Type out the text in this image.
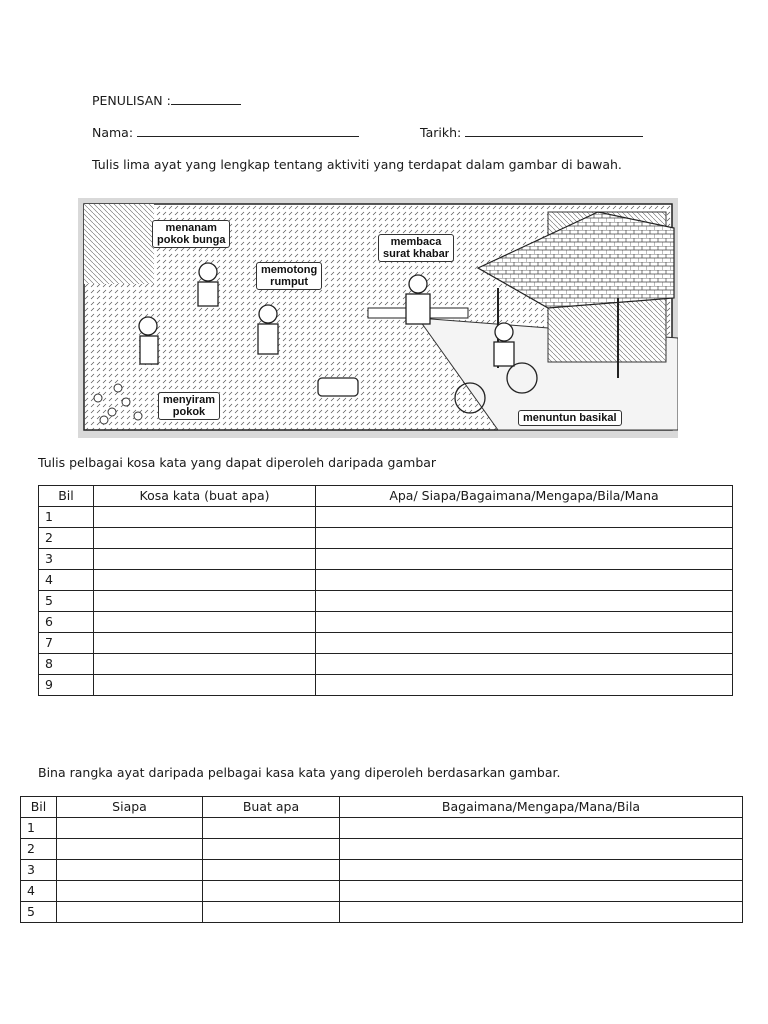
PENULISAN :
Nama:	Tarikh:
Tulis lima ayat yang lengkap tentang aktiviti yang terdapat dalam gambar di bawah.
menanam
pokok bunga
memotong
rumput
membaca
surat khabar
menyiram
pokok	menuntun basikal
Tulis pelbagai kosa kata yang dapat diperoleh daripada gambar
Bil	Kosa kata (buat apa)	Apa/ Siapa/Bagaimana/Mengapa/Bila/Mana
1		
2		
3		
4		
5		
6		
7		
8		
9		
Bina rangka ayat daripada pelbagai kasa kata yang diperoleh berdasarkan gambar.
Bil	Siapa	Buat apa	Bagaimana/Mengapa/Mana/Bila
1			
2			
3			
4			
5			
